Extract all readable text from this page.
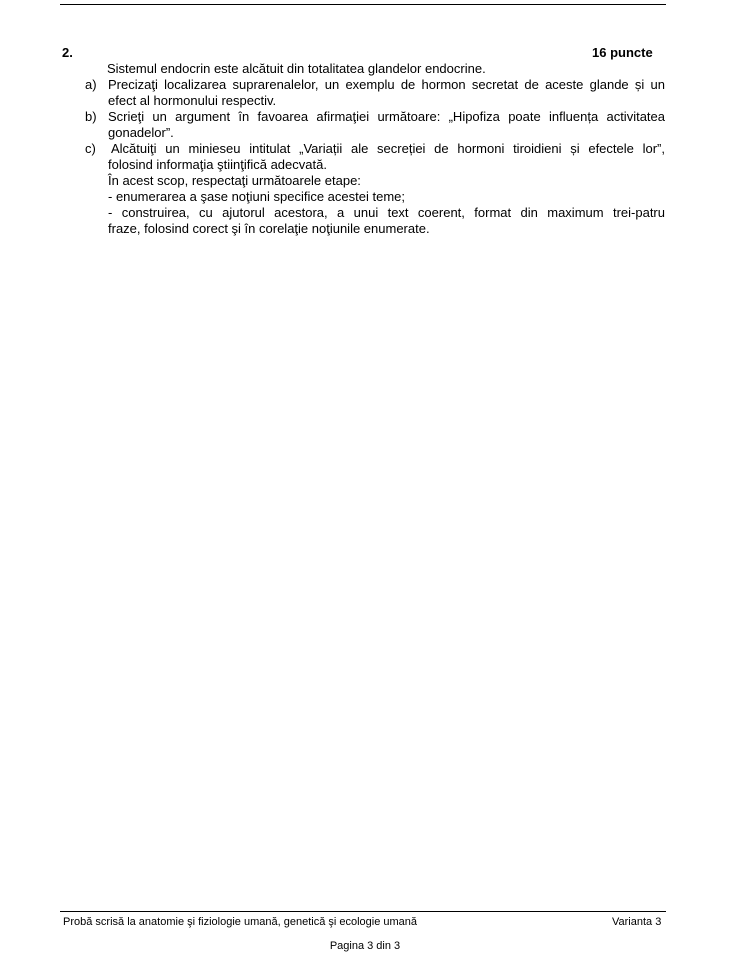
2.	16 puncte
Sistemul endocrin este alcătuit din totalitatea glandelor endocrine.
a) Precizaţi localizarea suprarenalelor, un exemplu de hormon secretat de aceste glande și un
efect al hormonului respectiv.
b) Scrieţi un argument în favoarea afirmaţiei următoare: „Hipofiza poate influența activitatea
gonadelor”.
c) Alcătuiţi un minieseu intitulat „Variații ale secreției de hormoni tiroidieni și efectele lor”,
folosind informaţia ştiinţifică adecvată.
În acest scop, respectaţi următoarele etape:
- enumerarea a şase noţiuni specifice acestei teme;
- construirea, cu ajutorul acestora, a unui text coerent, format din maximum trei-patru
fraze, folosind corect şi în corelaţie noţiunile enumerate.
Probă scrisă la anatomie şi fiziologie umană, genetică şi ecologie umană	Varianta 3
Pagina 3 din 3
